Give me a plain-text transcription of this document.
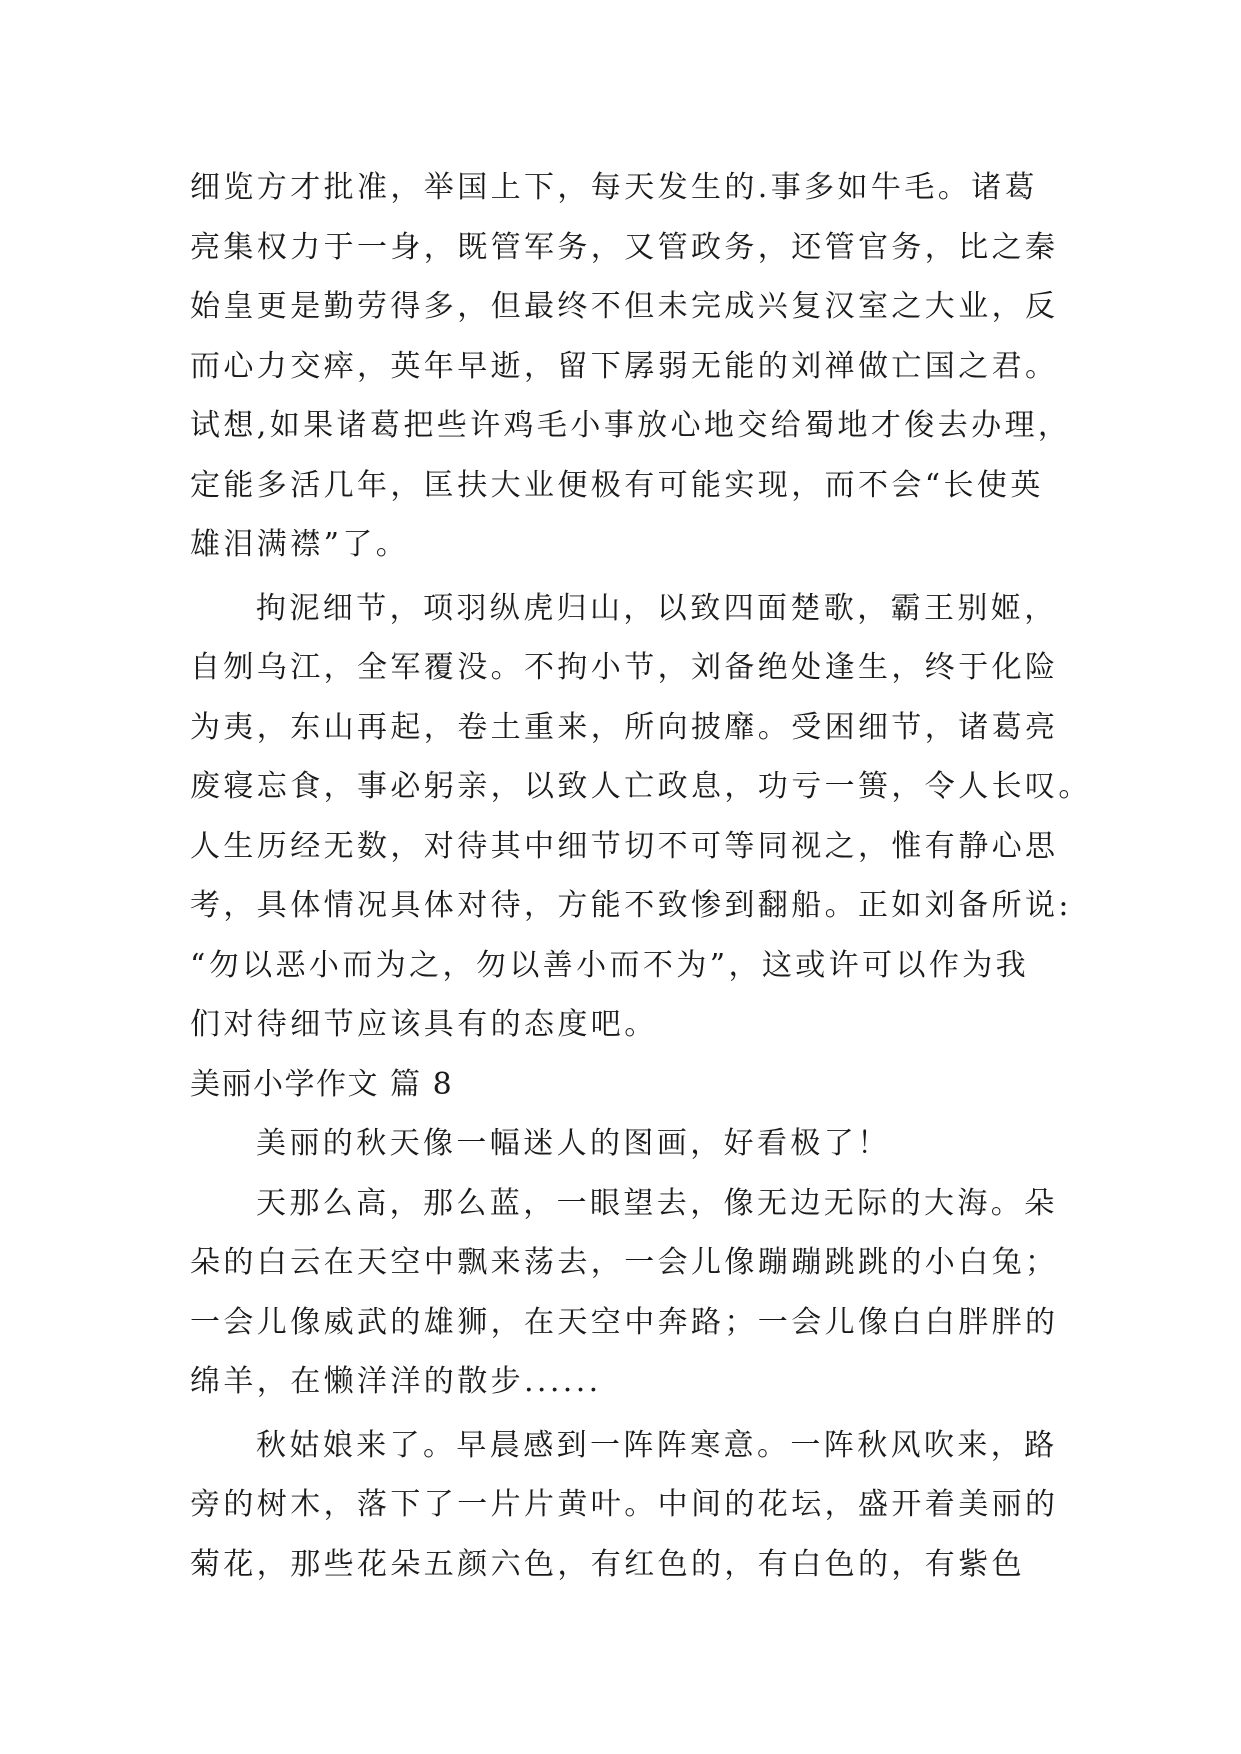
细览方才批准，举国上下，每天发生的.事多如牛毛。诸葛
亮集权力于一身，既管军务，又管政务，还管官务，比之秦
始皇更是勤劳得多，但最终不但未完成兴复汉室之大业，反
而心力交瘁，英年早逝，留下孱弱无能的刘禅做亡国之君。
试想,如果诸葛把些许鸡毛小事放心地交给蜀地才俊去办理，
定能多活几年，匡扶大业便极有可能实现，而不会“长使英
雄泪满襟”了。
拘泥细节，项羽纵虎归山，以致四面楚歌，霸王别姬，
自刎乌江，全军覆没。不拘小节，刘备绝处逢生，终于化险
为夷，东山再起，卷土重来，所向披靡。受困细节，诸葛亮
废寝忘食，事必躬亲，以致人亡政息，功亏一篑，令人长叹。
人生历经无数，对待其中细节切不可等同视之，惟有静心思
考，具体情况具体对待，方能不致惨到翻船。正如刘备所说:
“勿以恶小而为之，勿以善小而不为”，这或许可以作为我
们对待细节应该具有的态度吧。
美丽小学作文 篇 8
美丽的秋天像一幅迷人的图画，好看极了！
天那么高，那么蓝，一眼望去，像无边无际的大海。朵
朵的白云在天空中飘来荡去，一会儿像蹦蹦跳跳的小白兔；
一会儿像威武的雄狮，在天空中奔路；一会儿像白白胖胖的
绵羊，在懒洋洋的散步......
秋姑娘来了。早晨感到一阵阵寒意。一阵秋风吹来，路
旁的树木，落下了一片片黄叶。中间的花坛，盛开着美丽的
菊花，那些花朵五颜六色，有红色的，有白色的，有紫色
